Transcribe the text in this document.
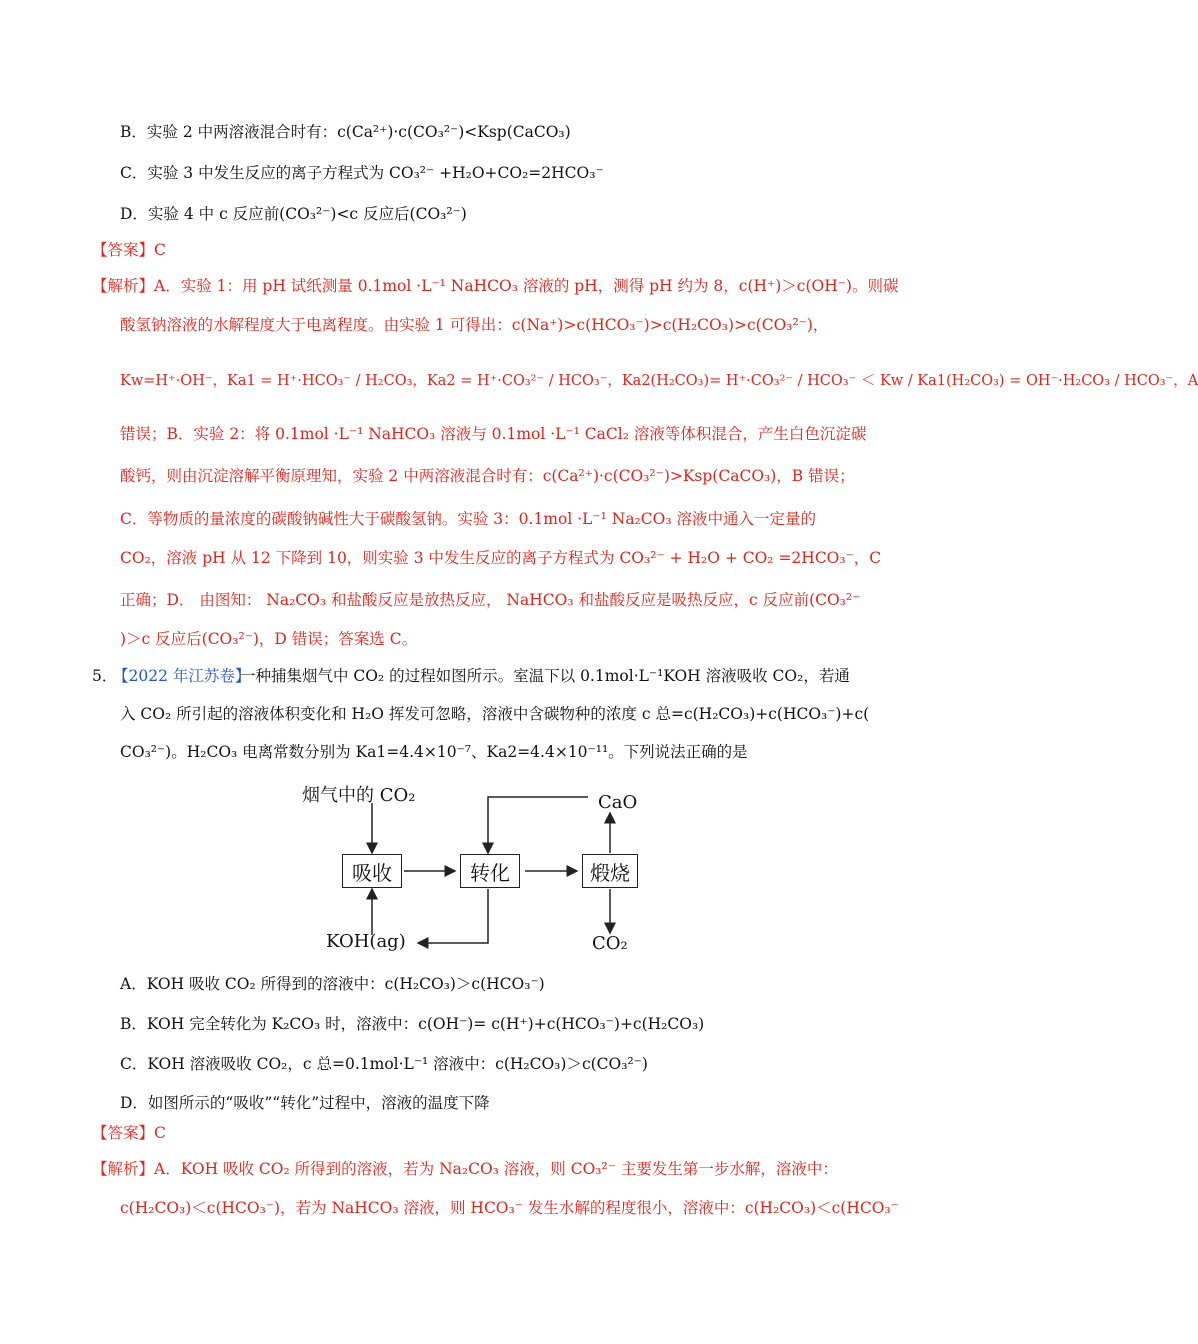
B．实验 2 中两溶液混合时有：c(Ca²⁺)·c(CO₃²⁻)<Ksp(CaCO₃)
C．实验 3 中发生反应的离子方程式为 CO₃²⁻ +H₂O+CO₂=2HCO₃⁻
D．实验 4 中 c 反应前(CO₃²⁻)<c 反应后(CO₃²⁻)
【答案】C
【解析】A．实验 1：用 pH 试纸测量 0.1mol ·L⁻¹ NaHCO₃ 溶液的 pH，测得 pH 约为 8，c(H⁺)＞c(OH⁻)。则碳
酸氢钠溶液的水解程度大于电离程度。由实验 1 可得出：c(Na⁺)>c(HCO₃⁻)>c(H₂CO₃)>c(CO₃²⁻)，
Kw=H⁺·OH⁻，Ka1 = H⁺·HCO₃⁻ / H₂CO₃，Ka2 = H⁺·CO₃²⁻ / HCO₃⁻，Ka2(H₂CO₃)= H⁺·CO₃²⁻ / HCO₃⁻ ＜ Kw / Ka1(H₂CO₃) = OH⁻·H₂CO₃ / HCO₃⁻，A
错误；B．实验 2：将 0.1mol ·L⁻¹ NaHCO₃ 溶液与 0.1mol ·L⁻¹ CaCl₂ 溶液等体积混合，产生白色沉淀碳
酸钙，则由沉淀溶解平衡原理知，实验 2 中两溶液混合时有：c(Ca²⁺)·c(CO₃²⁻)>Ksp(CaCO₃)，B 错误；
C．等物质的量浓度的碳酸钠碱性大于碳酸氢钠。实验 3：0.1mol ·L⁻¹ Na₂CO₃ 溶液中通入一定量的
CO₂，溶液 pH 从 12 下降到 10，则实验 3 中发生反应的离子方程式为 CO₃²⁻ + H₂O + CO₂ =2HCO₃⁻，C
正确；D． 由图知： Na₂CO₃ 和盐酸反应是放热反应， NaHCO₃ 和盐酸反应是吸热反应，c 反应前(CO₃²⁻
)＞c 反应后(CO₃²⁻)，D 错误；答案选 C。
5．
【2022 年江苏卷】
一种捕集烟气中 CO₂ 的过程如图所示。室温下以 0.1mol·L⁻¹KOH 溶液吸收 CO₂，若通
入 CO₂ 所引起的溶液体积变化和 H₂O 挥发可忽略，溶液中含碳物种的浓度 c 总=c(H₂CO₃)+c(HCO₃⁻)+c(
CO₃²⁻)。H₂CO₃ 电离常数分别为 Ka1=4.4×10⁻⁷、Ka2=4.4×10⁻¹¹。下列说法正确的是
烟气中的 CO₂
吸收	转化	煅烧
CaO
CO₂
KOH(ag)
A．KOH 吸收 CO₂ 所得到的溶液中：c(H₂CO₃)＞c(HCO₃⁻)
B．KOH 完全转化为 K₂CO₃ 时，溶液中：c(OH⁻)= c(H⁺)+c(HCO₃⁻)+c(H₂CO₃)
C．KOH 溶液吸收 CO₂，c 总=0.1mol·L⁻¹ 溶液中：c(H₂CO₃)＞c(CO₃²⁻)
D．如图所示的“吸收”“转化”过程中，溶液的温度下降
【答案】C
【解析】A．KOH 吸收 CO₂ 所得到的溶液，若为 Na₂CO₃ 溶液，则 CO₃²⁻ 主要发生第一步水解，溶液中：
c(H₂CO₃)＜c(HCO₃⁻)，若为 NaHCO₃ 溶液，则 HCO₃⁻ 发生水解的程度很小，溶液中：c(H₂CO₃)＜c(HCO₃⁻
